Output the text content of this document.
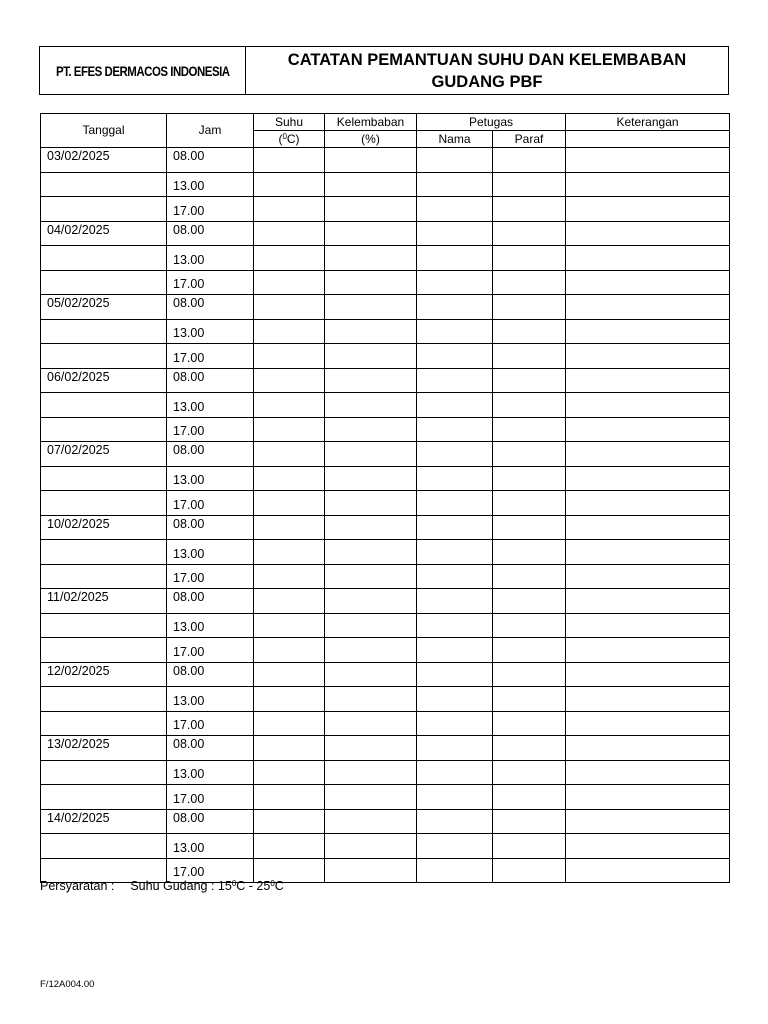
PT. EFES DERMACOS INDONESIA
CATATAN PEMANTUAN SUHU DAN KELEMBABAN
GUDANG PBF
Tanggal	Jam	Suhu	Kelembaban	Petugas		Keterangan
		($^0$C)	(%)	Nama	Paraf	
03/02/2025	08.00					
	13.00					
	17.00					
04/02/2025	08.00					
	13.00					
	17.00					
05/02/2025	08.00					
	13.00					
	17.00					
06/02/2025	08.00					
	13.00					
	17.00					
07/02/2025	08.00					
	13.00					
	17.00					
10/02/2025	08.00					
	13.00					
	17.00					
11/02/2025	08.00					
	13.00					
	17.00					
12/02/2025	08.00					
	13.00					
	17.00					
13/02/2025	08.00					
	13.00					
	17.00					
14/02/2025	08.00					
	13.00					
	17.00					
Persyaratan : Suhu Gudang : $15^0C - 25^0C$
F/12A004.00
